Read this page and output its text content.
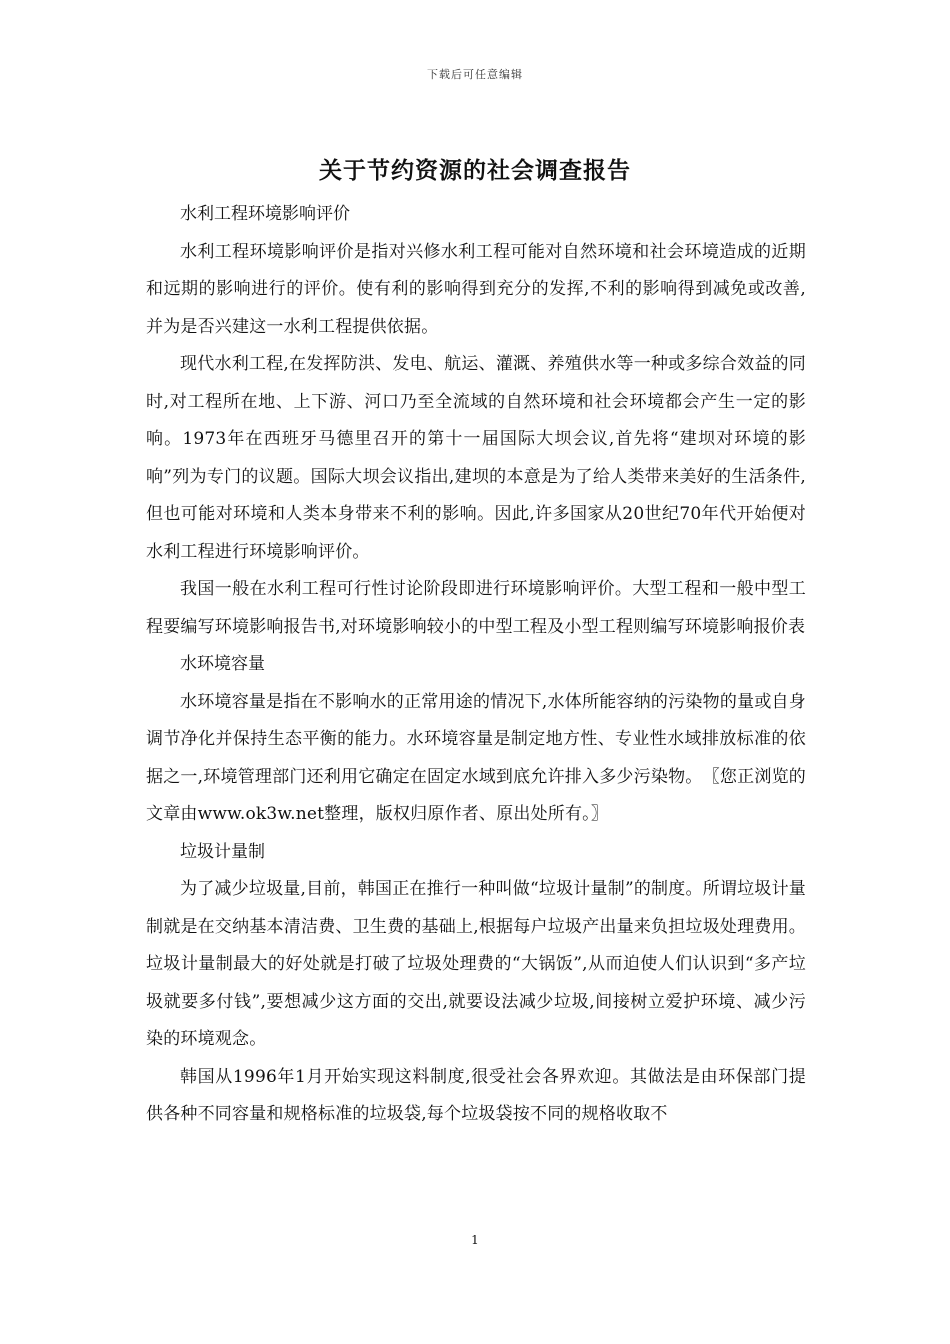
下载后可任意编辑
关于节约资源的社会调查报告

水利工程环境影响评价

水利工程环境影响评价是指对兴修水利工程可能对自然环境和社会环境造成的近期和远期的影响进行的评价。使有利的影响得到充分的发挥,不利的影响得到减免或改善,并为是否兴建这一水利工程提供依据。

现代水利工程,在发挥防洪、发电、航运、灌溉、养殖供水等一种或多综合效益的同时,对工程所在地、上下游、河口乃至全流域的自然环境和社会环境都会产生一定的影响。1973年在西班牙马德里召开的第十一届国际大坝会议,首先将“建坝对环境的影响”列为专门的议题。国际大坝会议指出,建坝的本意是为了给人类带来美好的生活条件,但也可能对环境和人类本身带来不利的影响。因此,许多国家从20世纪70年代开始便对水利工程进行环境影响评价。

我国一般在水利工程可行性讨论阶段即进行环境影响评价。大型工程和一般中型工程要编写环境影响报告书,对环境影响较小的中型工程及小型工程则编写环境影响报价表

水环境容量

水环境容量是指在不影响水的正常用途的情况下,水体所能容纳的污染物的量或自身调节净化并保持生态平衡的能力。水环境容量是制定地方性、专业性水域排放标准的依据之一,环境管理部门还利用它确定在固定水域到底允许排入多少污染物。　〖您正浏览的文章由www.ok3w.net整理，版权归原作者、原出处所有。〗

垃圾计量制

为了减少垃圾量,目前，韩国正在推行一种叫做“垃圾计量制”的制度。所谓垃圾计量制就是在交纳基本清洁费、卫生费的基础上,根据每户垃圾产出量来负担垃圾处理费用。垃圾计量制最大的好处就是打破了垃圾处理费的“大锅饭”,从而迫使人们认识到“多产垃圾就要多付钱”,要想减少这方面的交出,就要设法减少垃圾,间接树立爱护环境、减少污染的环境观念。

韩国从1996年1月开始实现这料制度,很受社会各界欢迎。其做法是由环保部门提供各种不同容量和规格标准的垃圾袋,每个垃圾袋按不同的规格收取不

1
